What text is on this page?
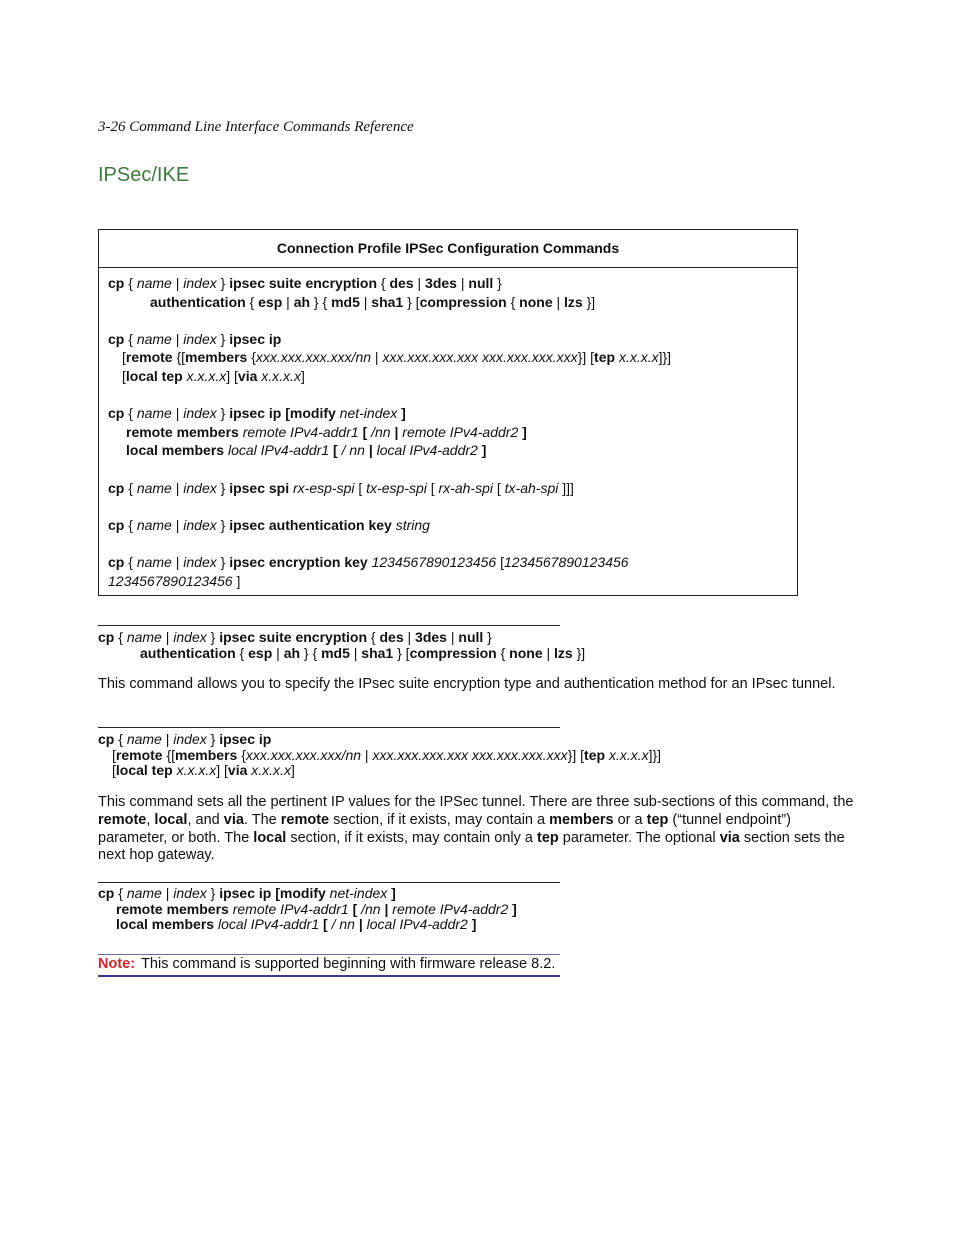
3-26 Command Line Interface Commands Reference
IPSec/IKE
Connection Profile IPSec Configuration Commands
cp { name | index } ipsec suite encryption { des | 3des | null }
authentication { esp | ah } { md5 | sha1 } [compression { none | lzs }]
cp { name | index } ipsec ip
[remote {[members {xxx.xxx.xxx.xxx/nn | xxx.xxx.xxx.xxx xxx.xxx.xxx.xxx}] [tep x.x.x.x]}]
[local tep x.x.x.x] [via x.x.x.x]
cp { name | index } ipsec ip [modify net-index ]
remote members remote IPv4-addr1 [ /nn | remote IPv4-addr2 ]
local members local IPv4-addr1 [ / nn | local IPv4-addr2 ]
cp { name | index } ipsec spi rx-esp-spi [ tx-esp-spi [ rx-ah-spi [ tx-ah-spi ]]]
cp { name | index } ipsec authentication key string
cp { name | index } ipsec encryption key 1234567890123456 [1234567890123456
1234567890123456 ]
cp { name | index } ipsec suite encryption { des | 3des | null }
authentication { esp | ah } { md5 | sha1 } [compression { none | lzs }]
This command allows you to specify the IPsec suite encryption type and authentication method for an IPsec tunnel.
cp { name | index } ipsec ip
[remote {[members {xxx.xxx.xxx.xxx/nn | xxx.xxx.xxx.xxx xxx.xxx.xxx.xxx}] [tep x.x.x.x]}]
[local tep x.x.x.x] [via x.x.x.x]
This command sets all the pertinent IP values for the IPSec tunnel. There are three sub-sections of this command, the remote, local, and via. The remote section, if it exists, may contain a members or a tep (“tunnel endpoint”) parameter, or both. The local section, if it exists, may contain only a tep parameter. The optional via section sets the next hop gateway.
cp { name | index } ipsec ip [modify net-index ]
remote members remote IPv4-addr1 [ /nn | remote IPv4-addr2 ]
local members local IPv4-addr1 [ / nn | local IPv4-addr2 ]
Note: This command is supported beginning with firmware release 8.2.
